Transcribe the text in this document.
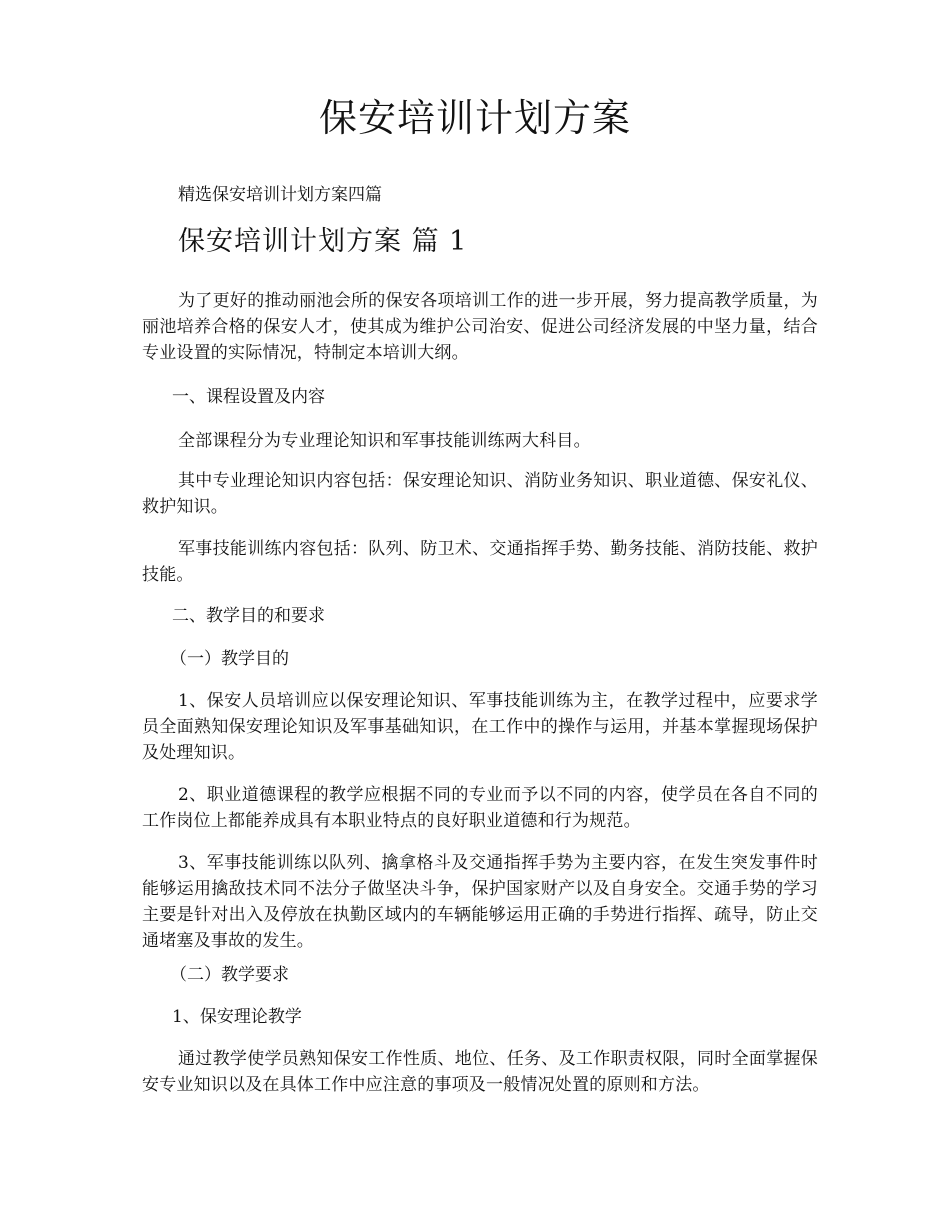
保安培训计划方案

精选保安培训计划方案四篇

保安培训计划方案 篇 1

为了更好的推动丽池会所的保安各项培训工作的进一步开展，努力提高教学质量，为丽池培养合格的保安人才，使其成为维护公司治安、促进公司经济发展的中坚力量，结合专业设置的实际情况，特制定本培训大纲。

一、课程设置及内容

全部课程分为专业理论知识和军事技能训练两大科目。

其中专业理论知识内容包括：保安理论知识、消防业务知识、职业道德、保安礼仪、救护知识。

军事技能训练内容包括：队列、防卫术、交通指挥手势、勤务技能、消防技能、救护技能。

二、教学目的和要求

（一）教学目的

1、保安人员培训应以保安理论知识、军事技能训练为主，在教学过程中，应要求学员全面熟知保安理论知识及军事基础知识，在工作中的操作与运用，并基本掌握现场保护及处理知识。

2、职业道德课程的教学应根据不同的专业而予以不同的内容，使学员在各自不同的工作岗位上都能养成具有本职业特点的良好职业道德和行为规范。

3、军事技能训练以队列、擒拿格斗及交通指挥手势为主要内容，在发生突发事件时能够运用擒敌技术同不法分子做坚决斗争，保护国家财产以及自身安全。交通手势的学习主要是针对出入及停放在执勤区域内的车辆能够运用正确的手势进行指挥、疏导，防止交通堵塞及事故的发生。

（二）教学要求

1、保安理论教学

通过教学使学员熟知保安工作性质、地位、任务、及工作职责权限，同时全面掌握保安专业知识以及在具体工作中应注意的事项及一般情况处置的原则和方法。
